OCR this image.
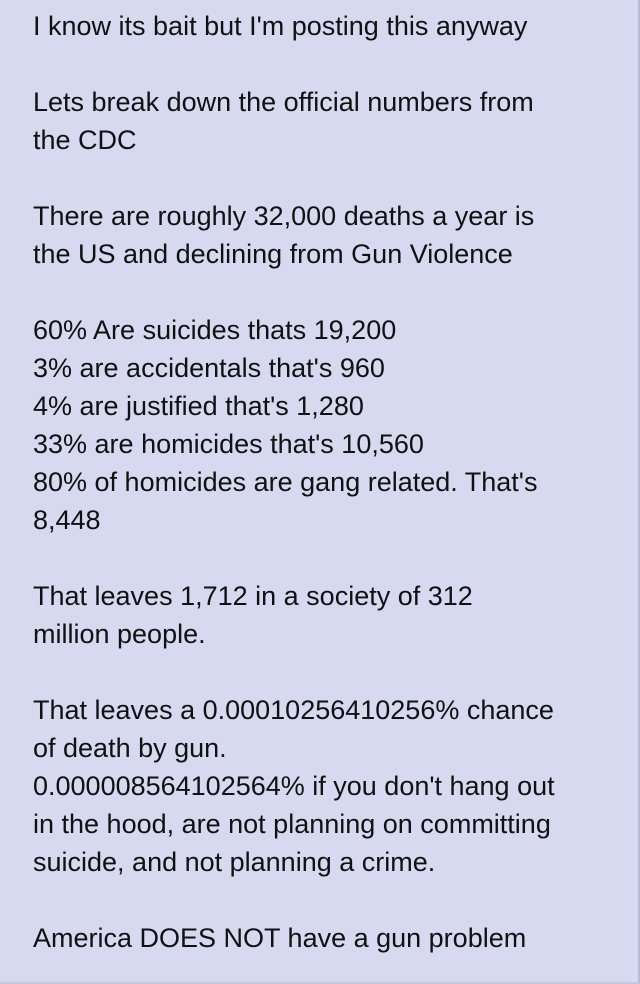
I know its bait but I'm posting this anyway

Lets break down the official numbers from
the CDC

There are roughly 32,000 deaths a year is
the US and declining from Gun Violence

60% Are suicides thats 19,200
3% are accidentals that's 960
4% are justified that's 1,280
33% are homicides that's 10,560
80% of homicides are gang related. That's
8,448

That leaves 1,712 in a society of 312
million people.

That leaves a 0.00010256410256% chance
of death by gun.
0.000008564102564% if you don't hang out
in the hood, are not planning on committing
suicide, and not planning a crime.

America DOES NOT have a gun problem
